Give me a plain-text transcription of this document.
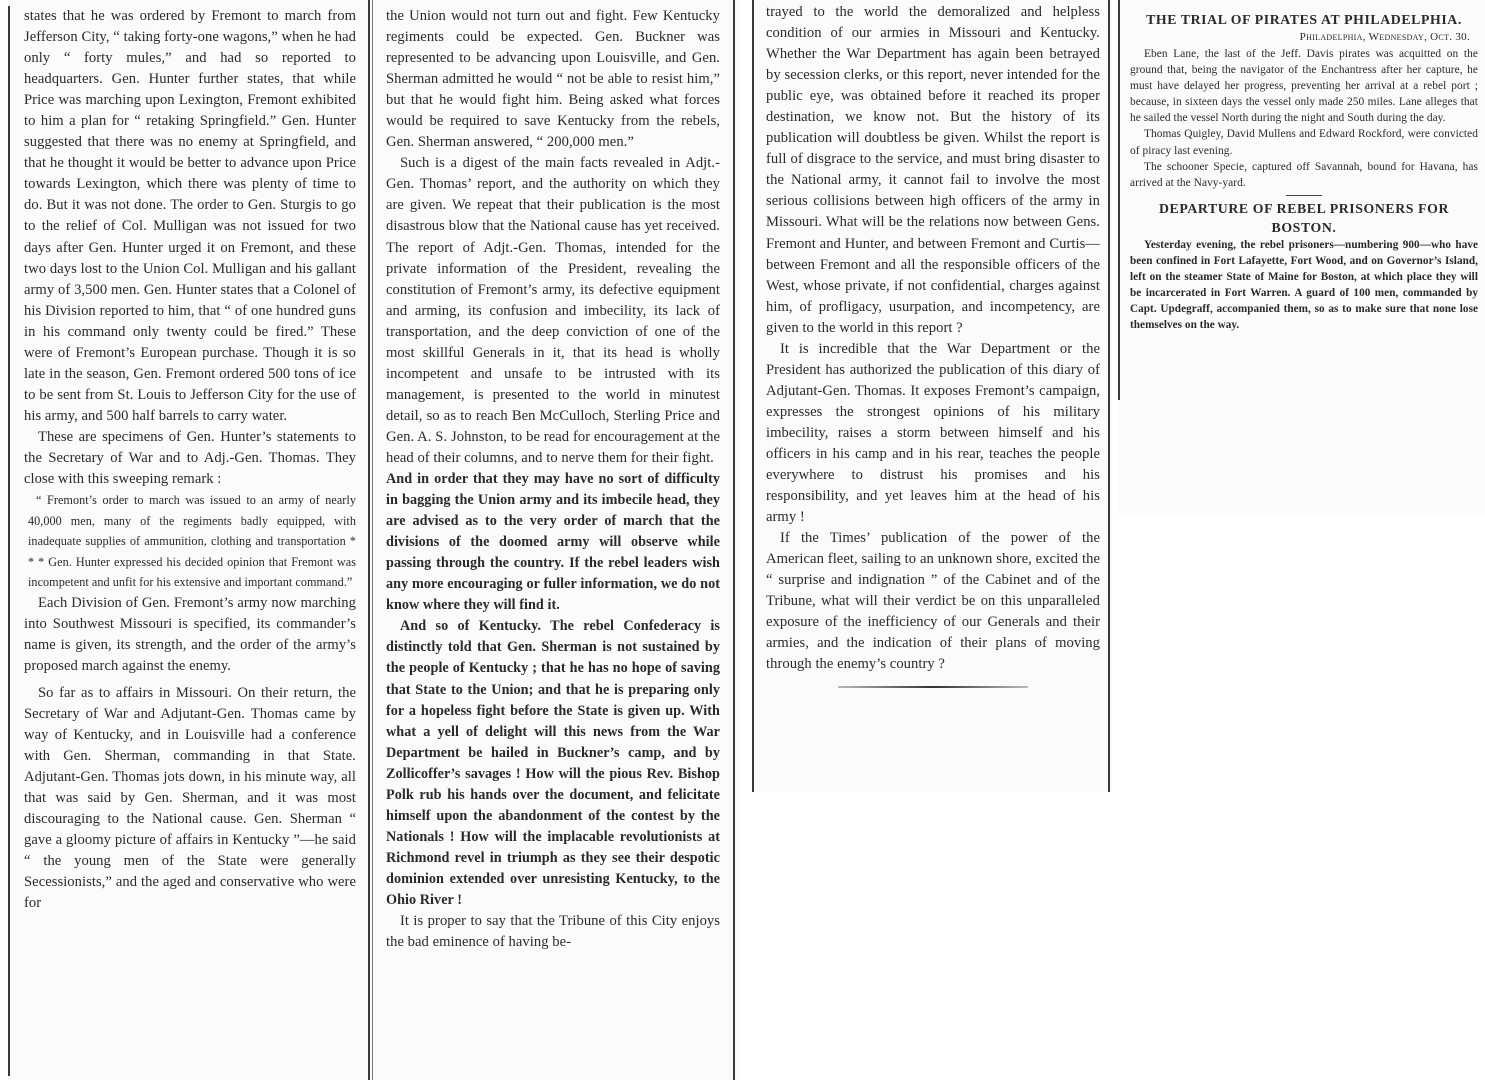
states that he was ordered by Fremont to march from Jefferson City, “ taking forty-one wagons,” when he had only “ forty mules,” and had so reported to headquarters. Gen. Hunter further states, that while Price was marching upon Lexington, Fremont exhibited to him a plan for “ retaking Springfield.” Gen. Hunter suggested that there was no enemy at Springfield, and that he thought it would be better to advance upon Price towards Lexington, which there was plenty of time to do. But it was not done. The order to Gen. Sturgis to go to the relief of Col. Mulligan was not issued for two days after Gen. Hunter urged it on Fremont, and these two days lost to the Union Col. Mulligan and his gallant army of 3,500 men. Gen. Hunter states that a Colonel of his Division reported to him, that “ of one hundred guns in his command only twenty could be fired.” These were of Fremont’s European purchase. Though it is so late in the season, Gen. Fremont ordered 500 tons of ice to be sent from St. Louis to Jefferson City for the use of his army, and 500 half barrels to carry water.

These are specimens of Gen. Hunter’s statements to the Secretary of War and to Adj.-Gen. Thomas. They close with this sweeping remark :

“ Fremont’s order to march was issued to an army of nearly 40,000 men, many of the regiments badly equipped, with inadequate supplies of ammunition, clothing and transportation * * * Gen. Hunter expressed his decided opinion that Fremont was incompetent and unfit for his extensive and important command.”

Each Division of Gen. Fremont’s army now marching into Southwest Missouri is specified, its commander’s name is given, its strength, and the order of the army’s proposed march against the enemy.

So far as to affairs in Missouri. On their return, the Secretary of War and Adjutant-Gen. Thomas came by way of Kentucky, and in Louisville had a conference with Gen. Sherman, commanding in that State. Adjutant-Gen. Thomas jots down, in his minute way, all that was said by Gen. Sherman, and it was most discouraging to the National cause. Gen. Sherman “ gave a gloomy picture of affairs in Kentucky ”—he said “ the young men of the State were generally Secessionists,” and the aged and conservative who were for

the Union would not turn out and fight. Few Kentucky regiments could be expected. Gen. Buckner was represented to be advancing upon Louisville, and Gen. Sherman admitted he would “ not be able to resist him,” but that he would fight him. Being asked what forces would be required to save Kentucky from the rebels, Gen. Sherman answered, “ 200,000 men.”

Such is a digest of the main facts revealed in Adjt.-Gen. Thomas’ report, and the authority on which they are given. We repeat that their publication is the most disastrous blow that the National cause has yet received. The report of Adjt.-Gen. Thomas, intended for the private information of the President, revealing the constitution of Fremont’s army, its defective equipment and arming, its confusion and imbecility, its lack of transportation, and the deep conviction of one of the most skillful Generals in it, that its head is wholly incompetent and unsafe to be intrusted with its management, is presented to the world in minutest detail, so as to reach Ben McCulloch, Sterling Price and Gen. A. S. Johnston, to be read for encouragement at the head of their columns, and to nerve them for their fight.

And in order that they may have no sort of difficulty in bagging the Union army and its imbecile head, they are advised as to the very order of march that the divisions of the doomed army will observe while passing through the country. If the rebel leaders wish any more encouraging or fuller information, we do not know where they will find it.

And so of Kentucky. The rebel Confederacy is distinctly told that Gen. Sherman is not sustained by the people of Kentucky ; that he has no hope of saving that State to the Union; and that he is preparing only for a hopeless fight before the State is given up. With what a yell of delight will this news from the War Department be hailed in Buckner’s camp, and by Zollicoffer’s savages ! How will the pious Rev. Bishop Polk rub his hands over the document, and felicitate himself upon the abandonment of the contest by the Nationals ! How will the implacable revolutionists at Richmond revel in triumph as they see their despotic dominion extended over unresisting Kentucky, to the Ohio River !

It is proper to say that the Tribune of this City enjoys the bad eminence of having be-

trayed to the world the demoralized and helpless condition of our armies in Missouri and Kentucky. Whether the War Department has again been betrayed by secession clerks, or this report, never intended for the public eye, was obtained before it reached its proper destination, we know not. But the history of its publication will doubtless be given. Whilst the report is full of disgrace to the service, and must bring disaster to the National army, it cannot fail to involve the most serious collisions between high officers of the army in Missouri. What will be the relations now between Gens. Fremont and Hunter, and between Fremont and Curtis—between Fremont and all the responsible officers of the West, whose private, if not confidential, charges against him, of profligacy, usurpation, and incompetency, are given to the world in this report ?

It is incredible that the War Department or the President has authorized the publication of this diary of Adjutant-Gen. Thomas. It exposes Fremont’s campaign, expresses the strongest opinions of his military imbecility, raises a storm between himself and his officers in his camp and in his rear, teaches the people everywhere to distrust his promises and his responsibility, and yet leaves him at the head of his army !

If the Times’ publication of the power of the American fleet, sailing to an unknown shore, excited the “ surprise and indignation ” of the Cabinet and of the Tribune, what will their verdict be on this unparalleled exposure of the inefficiency of our Generals and their armies, and the indication of their plans of moving through the enemy’s country ?

THE TRIAL OF PIRATES AT PHILADELPHIA.

Philadelphia, Wednesday, Oct. 30.

Eben Lane, the last of the Jeff. Davis pirates was acquitted on the ground that, being the navigator of the Enchantress after her capture, he must have delayed her progress, preventing her arrival at a rebel port ; because, in sixteen days the vessel only made 250 miles. Lane alleges that he sailed the vessel North during the night and South during the day.

Thomas Quigley, David Mullens and Edward Rockford, were convicted of piracy last evening.

The schooner Specie, captured off Savannah, bound for Havana, has arrived at the Navy-yard.

DEPARTURE OF REBEL PRISONERS FOR BOSTON.

Yesterday evening, the rebel prisoners—numbering 900—who have been confined in Fort Lafayette, Fort Wood, and on Governor’s Island, left on the steamer State of Maine for Boston, at which place they will be incarcerated in Fort Warren. A guard of 100 men, commanded by Capt. Updegraff, accompanied them, so as to make sure that none lose themselves on the way.
